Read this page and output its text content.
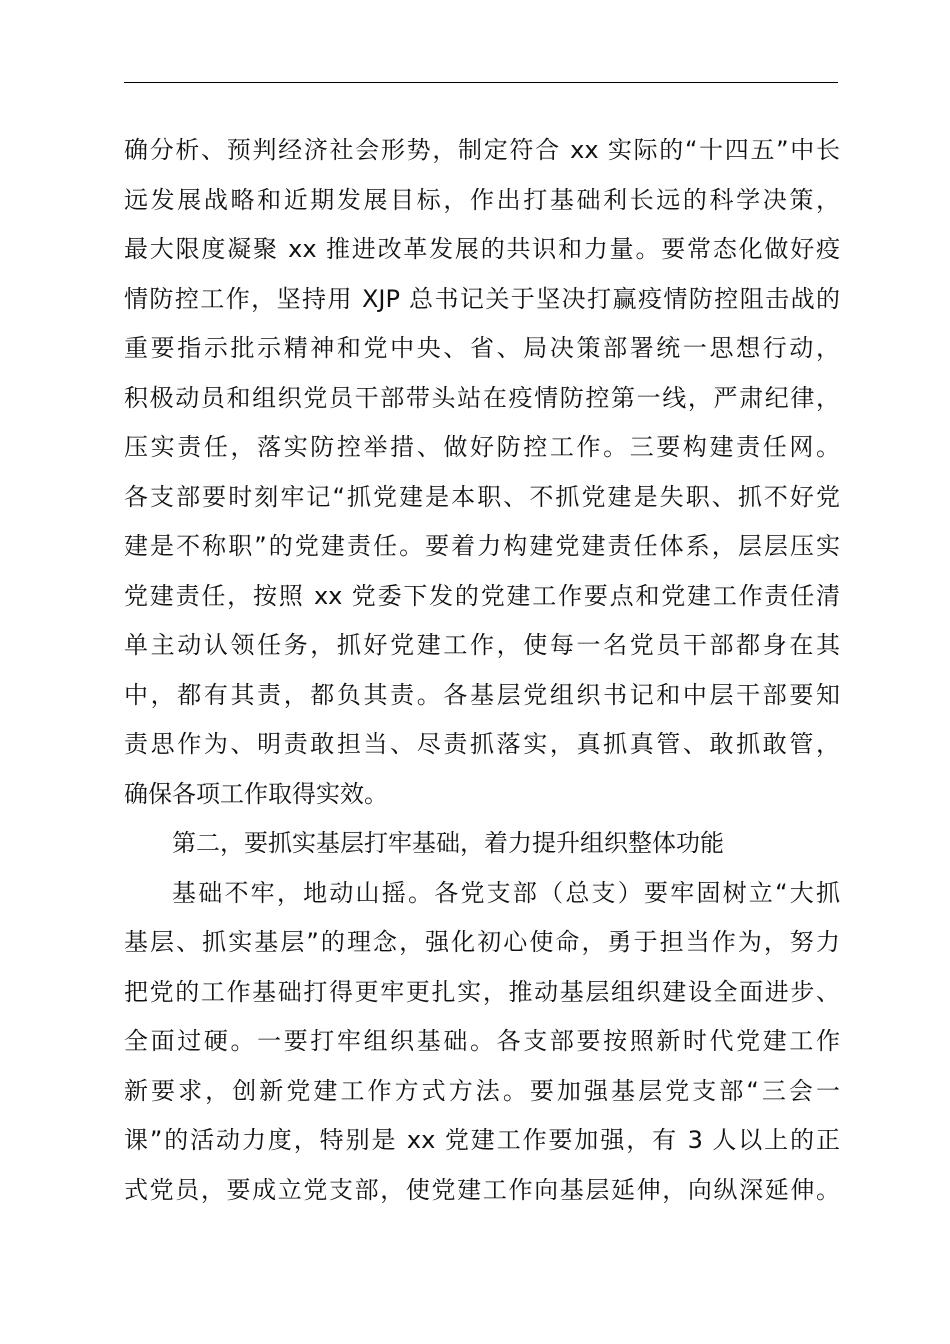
确分析、预判经济社会形势，制定符合 xx 实际的“十四五”中长
远发展战略和近期发展目标，作出打基础利长远的科学决策，
最大限度凝聚 xx 推进改革发展的共识和力量。要常态化做好疫
情防控工作，坚持用 XJP 总书记关于坚决打赢疫情防控阻击战的
重要指示批示精神和党中央、省、局决策部署统一思想行动，
积极动员和组织党员干部带头站在疫情防控第一线，严肃纪律，
压实责任，落实防控举措、做好防控工作。三要构建责任网。
各支部要时刻牢记“抓党建是本职、不抓党建是失职、抓不好党
建是不称职”的党建责任。要着力构建党建责任体系，层层压实
党建责任，按照 xx 党委下发的党建工作要点和党建工作责任清
单主动认领任务，抓好党建工作，使每一名党员干部都身在其
中，都有其责，都负其责。各基层党组织书记和中层干部要知
责思作为、明责敢担当、尽责抓落实，真抓真管、敢抓敢管，
确保各项工作取得实效。
第二，要抓实基层打牢基础，着力提升组织整体功能
基础不牢，地动山摇。各党支部（总支）要牢固树立“大抓
基层、抓实基层”的理念，强化初心使命，勇于担当作为，努力
把党的工作基础打得更牢更扎实，推动基层组织建设全面进步、
全面过硬。一要打牢组织基础。各支部要按照新时代党建工作
新要求，创新党建工作方式方法。要加强基层党支部“三会一
课”的活动力度，特别是 xx 党建工作要加强，有 3 人以上的正
式党员，要成立党支部，使党建工作向基层延伸，向纵深延伸。
